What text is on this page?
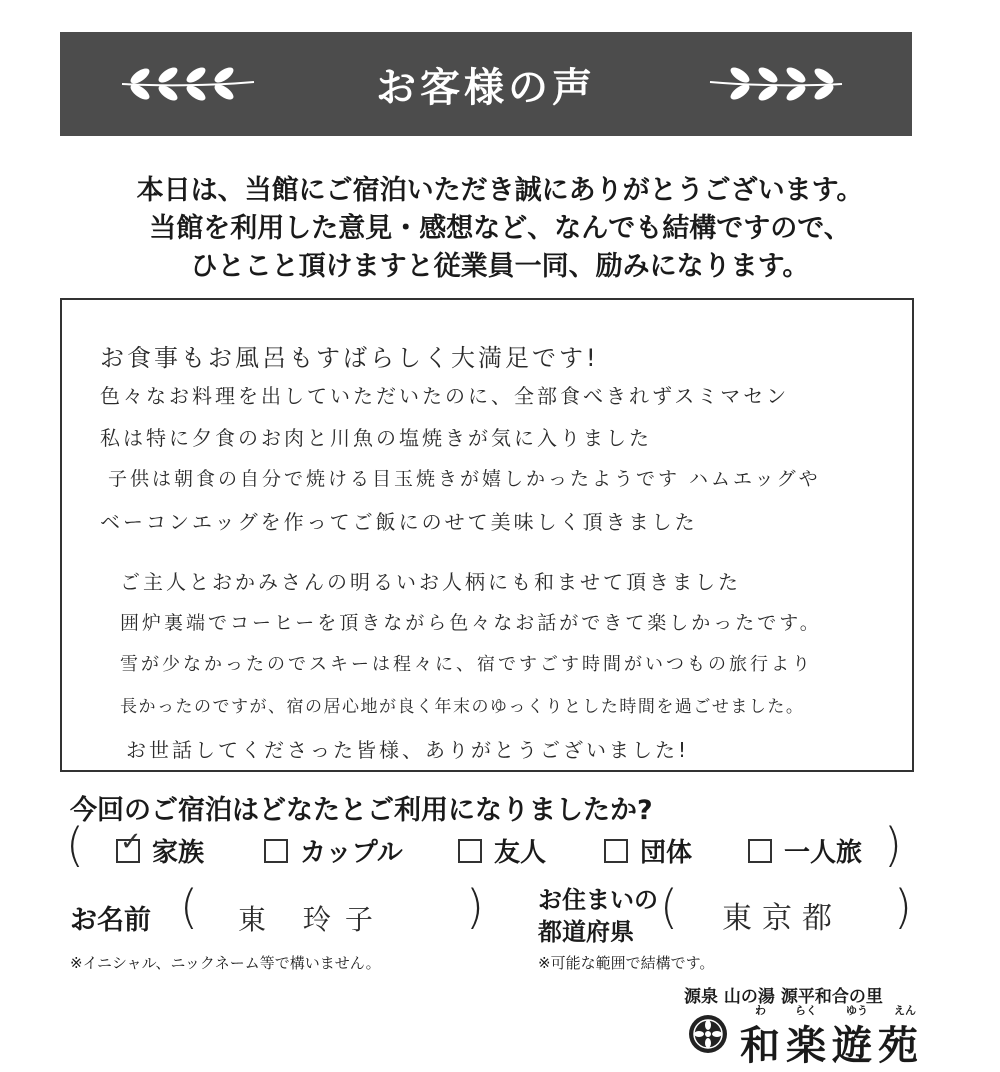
お客様の声
本日は、当館にご宿泊いただき誠にありがとうございます。
当館を利用した意見・感想など、なんでも結構ですので、
ひとこと頂けますと従業員一同、励みになります。
お食事もお風呂もすばらしく大満足です!
色々なお料理を出していただいたのに、全部食べきれずスミマセン
私は特に夕食のお肉と川魚の塩焼きが気に入りました
子供は朝食の自分で焼ける目玉焼きが嬉しかったようです ハムエッグや
ベーコンエッグを作ってご飯にのせて美味しく頂きました
ご主人とおかみさんの明るいお人柄にも和ませて頂きました
囲炉裏端でコーヒーを頂きながら色々なお話ができて楽しかったです。
雪が少なかったのでスキーは程々に、宿ですごす時間がいつもの旅行より
長かったのですが、宿の居心地が良く年末のゆっくりとした時間を過ごせました。
お世話してくださった皆様、ありがとうございました!
今回のご宿泊はどなたとご利用になりましたか?
(	)
✓ 家族	カップル	友人	団体	一人旅
お名前 ( 東 玲子 )
※イニシャル、ニックネーム等で構いません。
お住まいの
都道府県 ( 東京都 )
※可能な範囲で結構です。
源泉 山の湯 源平和合の里
わ	らく	ゆう えん
和楽遊苑
